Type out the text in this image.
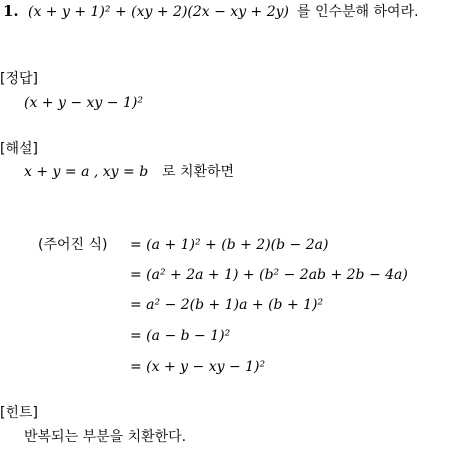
1. (x + y + 1)² + (xy + 2)(2x − xy + 2y) 를 인수분해 하여라.
[정답]
(x + y − xy − 1)²
[해설]
x + y = a , xy = b 로 치환하면
(주어진 식) = (a + 1)² + (b + 2)(b − 2a)
= (a² + 2a + 1) + (b² − 2ab + 2b − 4a)
= a² − 2(b + 1)a + (b + 1)²
= (a − b − 1)²
= (x + y − xy − 1)²
[힌트]
반복되는 부분을 치환한다.
